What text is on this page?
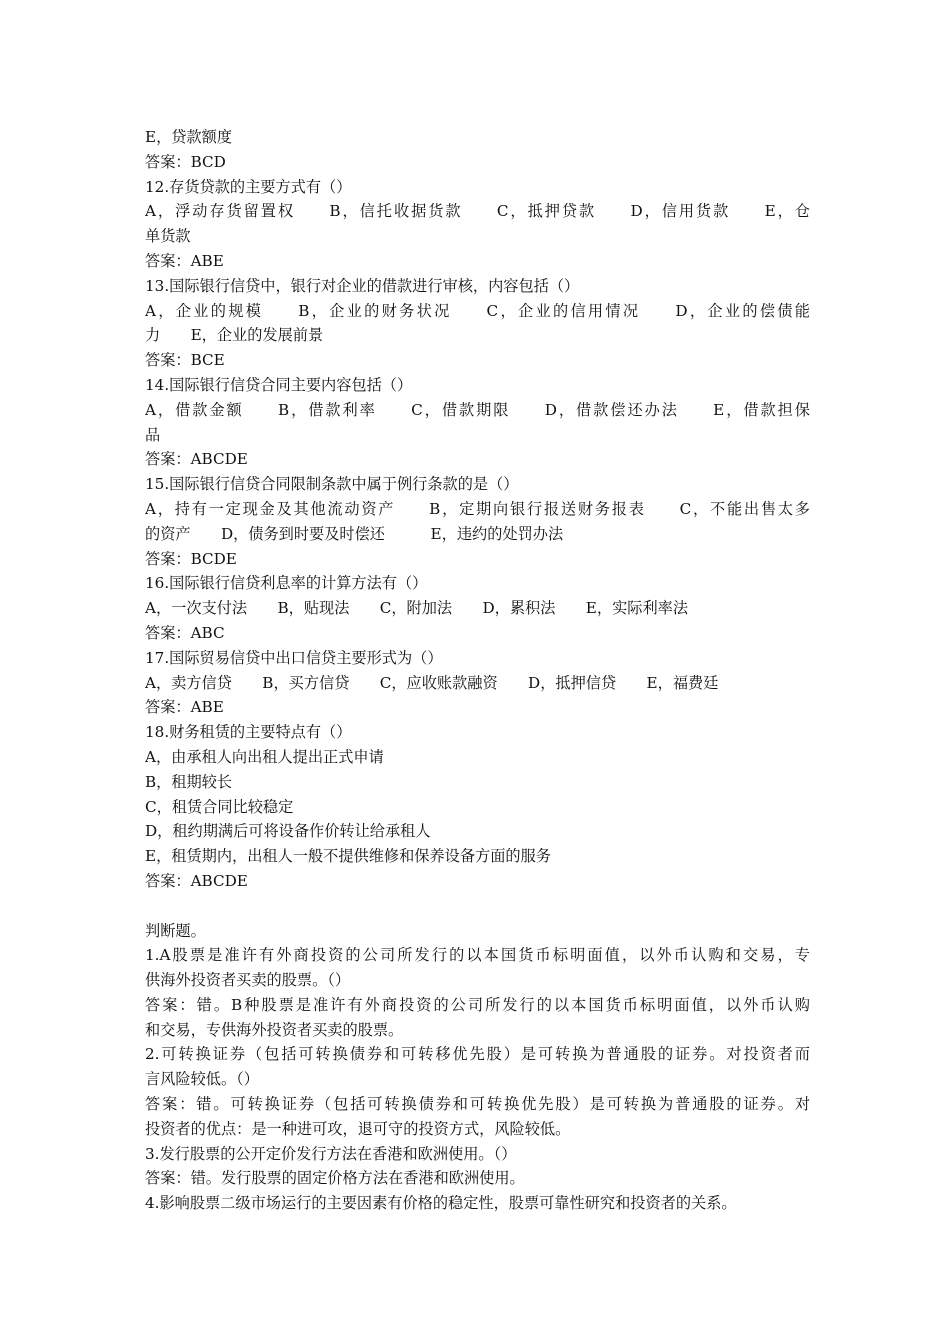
E，贷款额度
答案：BCD
12.存货贷款的主要方式有（）
A，浮动存货留置权　　B，信托收据货款　　C，抵押贷款　　D，信用货款　　E，仓
单货款
答案：ABE
13.国际银行信贷中，银行对企业的借款进行审核，内容包括（）
A，企业的规模　　B，企业的财务状况　　C，企业的信用情况　　D，企业的偿债能
力　　E，企业的发展前景
答案：BCE
14.国际银行信贷合同主要内容包括（）
A，借款金额　　B，借款利率　　C，借款期限　　D，借款偿还办法　　E，借款担保
品
答案：ABCDE
15.国际银行信贷合同限制条款中属于例行条款的是（）
A，持有一定现金及其他流动资产　　B，定期向银行报送财务报表　　C，不能出售太多
的资产　　D，债务到时要及时偿还　　　E，违约的处罚办法
答案：BCDE
16.国际银行信贷利息率的计算方法有（）
A，一次支付法　　B，贴现法　　C，附加法　　D，累积法　　E，实际利率法
答案：ABC
17.国际贸易信贷中出口信贷主要形式为（）
A，卖方信贷　　B，买方信贷　　C，应收账款融资　　D，抵押信贷　　E，福费廷
答案：ABE
18.财务租赁的主要特点有（）
A，由承租人向出租人提出正式申请
B，租期较长
C，租赁合同比较稳定
D，租约期满后可将设备作价转让给承租人
E，租赁期内，出租人一般不提供维修和保养设备方面的服务
答案：ABCDE
判断题。
1.A股票是准许有外商投资的公司所发行的以本国货币标明面值，以外币认购和交易，专
供海外投资者买卖的股票。（）
答案：错。B种股票是准许有外商投资的公司所发行的以本国货币标明面值，以外币认购
和交易，专供海外投资者买卖的股票。
2.可转换证券（包括可转换债券和可转移优先股）是可转换为普通股的证券。对投资者而
言风险较低。（）
答案：错。可转换证券（包括可转换债券和可转换优先股）是可转换为普通股的证券。对
投资者的优点：是一种进可攻，退可守的投资方式，风险较低。
3.发行股票的公开定价发行方法在香港和欧洲使用。（）
答案：错。发行股票的固定价格方法在香港和欧洲使用。
4.影响股票二级市场运行的主要因素有价格的稳定性，股票可靠性研究和投资者的关系。
